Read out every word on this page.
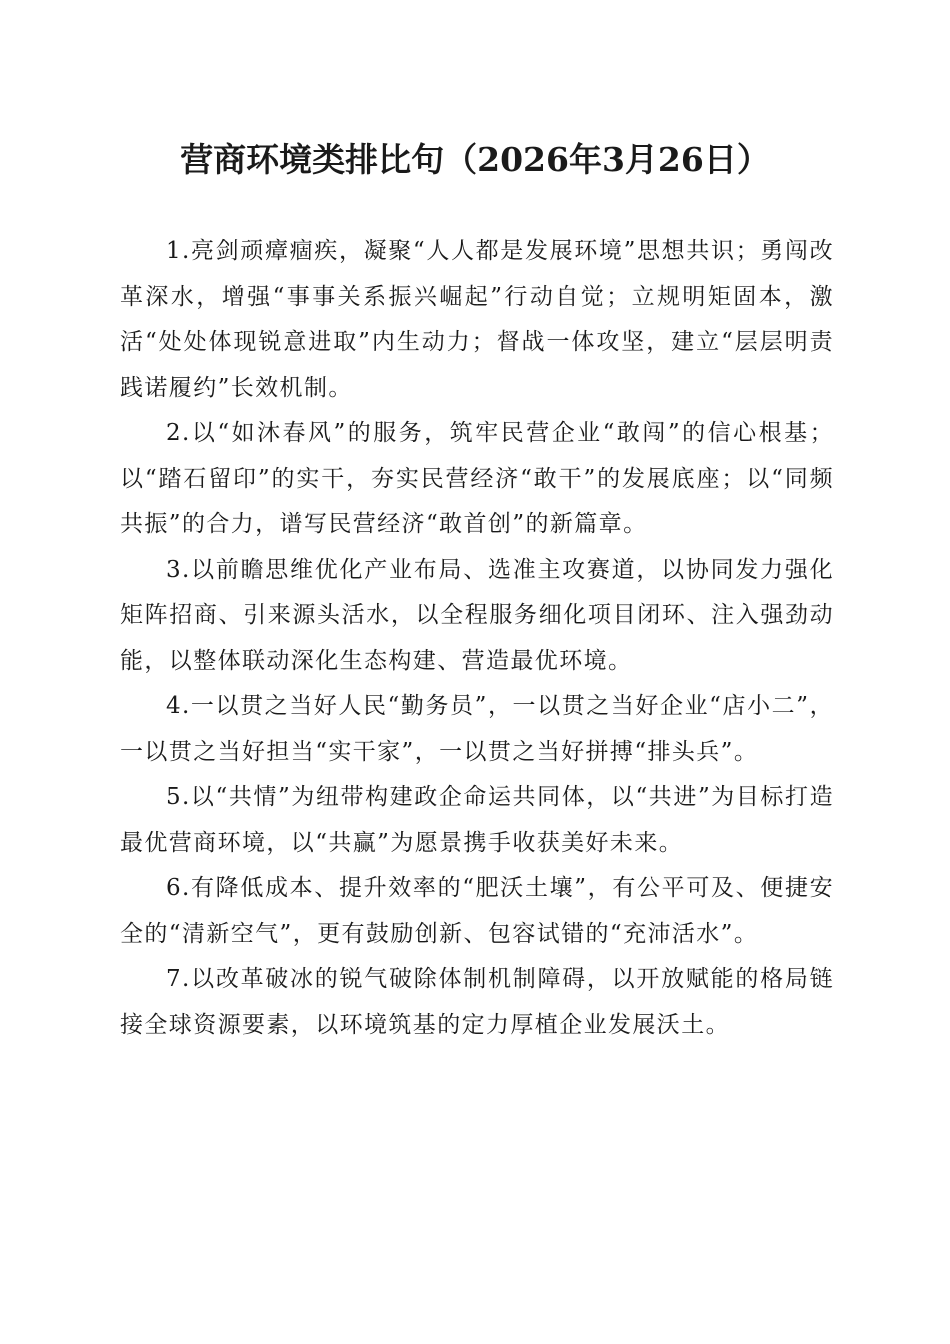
营商环境类排比句（2026年3月26日）

1.亮剑顽瘴痼疾，凝聚“人人都是发展环境”思想共识；勇闯改革深水，增强“事事关系振兴崛起”行动自觉；立规明矩固本，激活“处处体现锐意进取”内生动力；督战一体攻坚，建立“层层明责践诺履约”长效机制。

2.以“如沐春风”的服务，筑牢民营企业“敢闯”的信心根基；以“踏石留印”的实干，夯实民营经济“敢干”的发展底座；以“同频共振”的合力，谱写民营经济“敢首创”的新篇章。

3.以前瞻思维优化产业布局、选准主攻赛道，以协同发力强化矩阵招商、引来源头活水，以全程服务细化项目闭环、注入强劲动能，以整体联动深化生态构建、营造最优环境。

4.一以贯之当好人民“勤务员”，一以贯之当好企业“店小二”，一以贯之当好担当“实干家”，一以贯之当好拼搏“排头兵”。

5.以“共情”为纽带构建政企命运共同体，以“共进”为目标打造最优营商环境，以“共赢”为愿景携手收获美好未来。

6.有降低成本、提升效率的“肥沃土壤”，有公平可及、便捷安全的“清新空气”，更有鼓励创新、包容试错的“充沛活水”。

7.以改革破冰的锐气破除体制机制障碍，以开放赋能的格局链接全球资源要素，以环境筑基的定力厚植企业发展沃土。
